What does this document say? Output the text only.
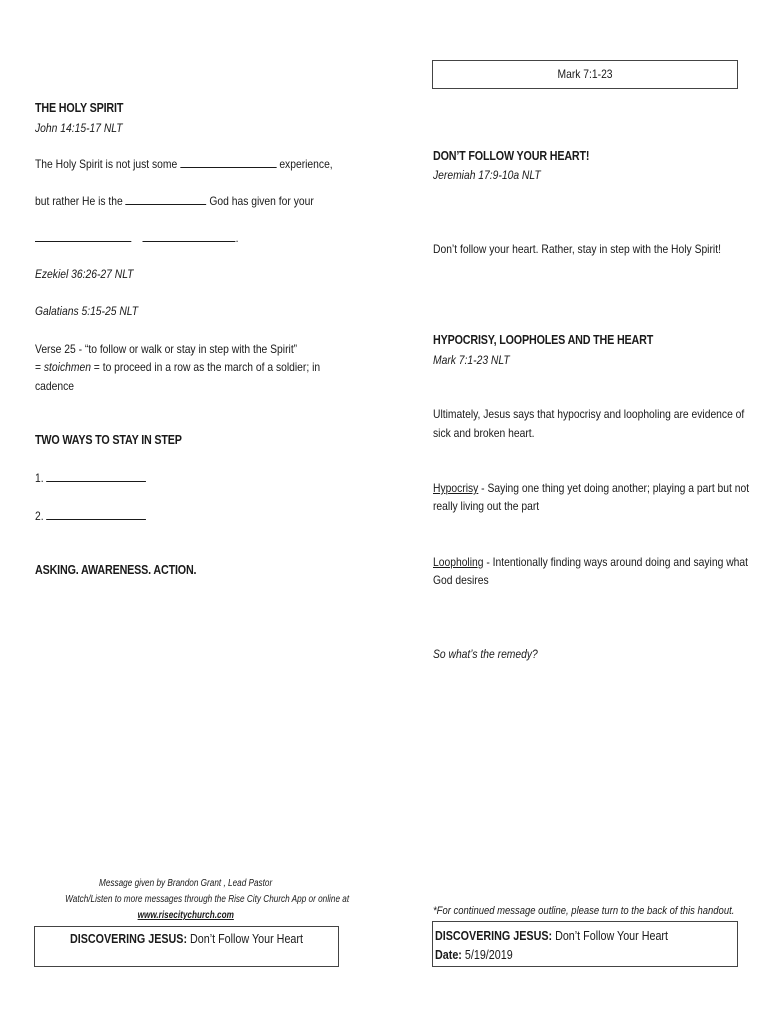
Mark 7:1-23
THE HOLY SPIRIT
John 14:15-17 NLT
The Holy Spirit is not just some	experience,
but rather He is the	God has given for your
.
Ezekiel 36:26-27 NLT
Galatians 5:15-25 NLT
Verse 25 - “to follow or walk or stay in step with the Spirit”
= stoichmen = to proceed in a row as the march of a soldier; in
cadence
TWO WAYS TO STAY IN STEP
1.
2.
ASKING. AWARENESS. ACTION.
Message given by Brandon Grant , Lead Pastor
Watch/Listen to more messages through the Rise City Church App or online at
www.risecitychurch.com
DISCOVERING JESUS: Don’t Follow Your Heart
DON’T FOLLOW YOUR HEART!
Jeremiah 17:9-10a NLT
Don’t follow your heart. Rather, stay in step with the Holy Spirit!
HYPOCRISY, LOOPHOLES AND THE HEART
Mark 7:1-23 NLT
Ultimately, Jesus says that hypocrisy and loopholing are evidence of
sick and broken heart.
Hypocrisy - Saying one thing yet doing another; playing a part but not
really living out the part
Loopholing - Intentionally finding ways around doing and saying what
God desires
So what’s the remedy?
*For continued message outline, please turn to the back of this handout.
DISCOVERING JESUS: Don’t Follow Your Heart
Date: 5/19/2019
